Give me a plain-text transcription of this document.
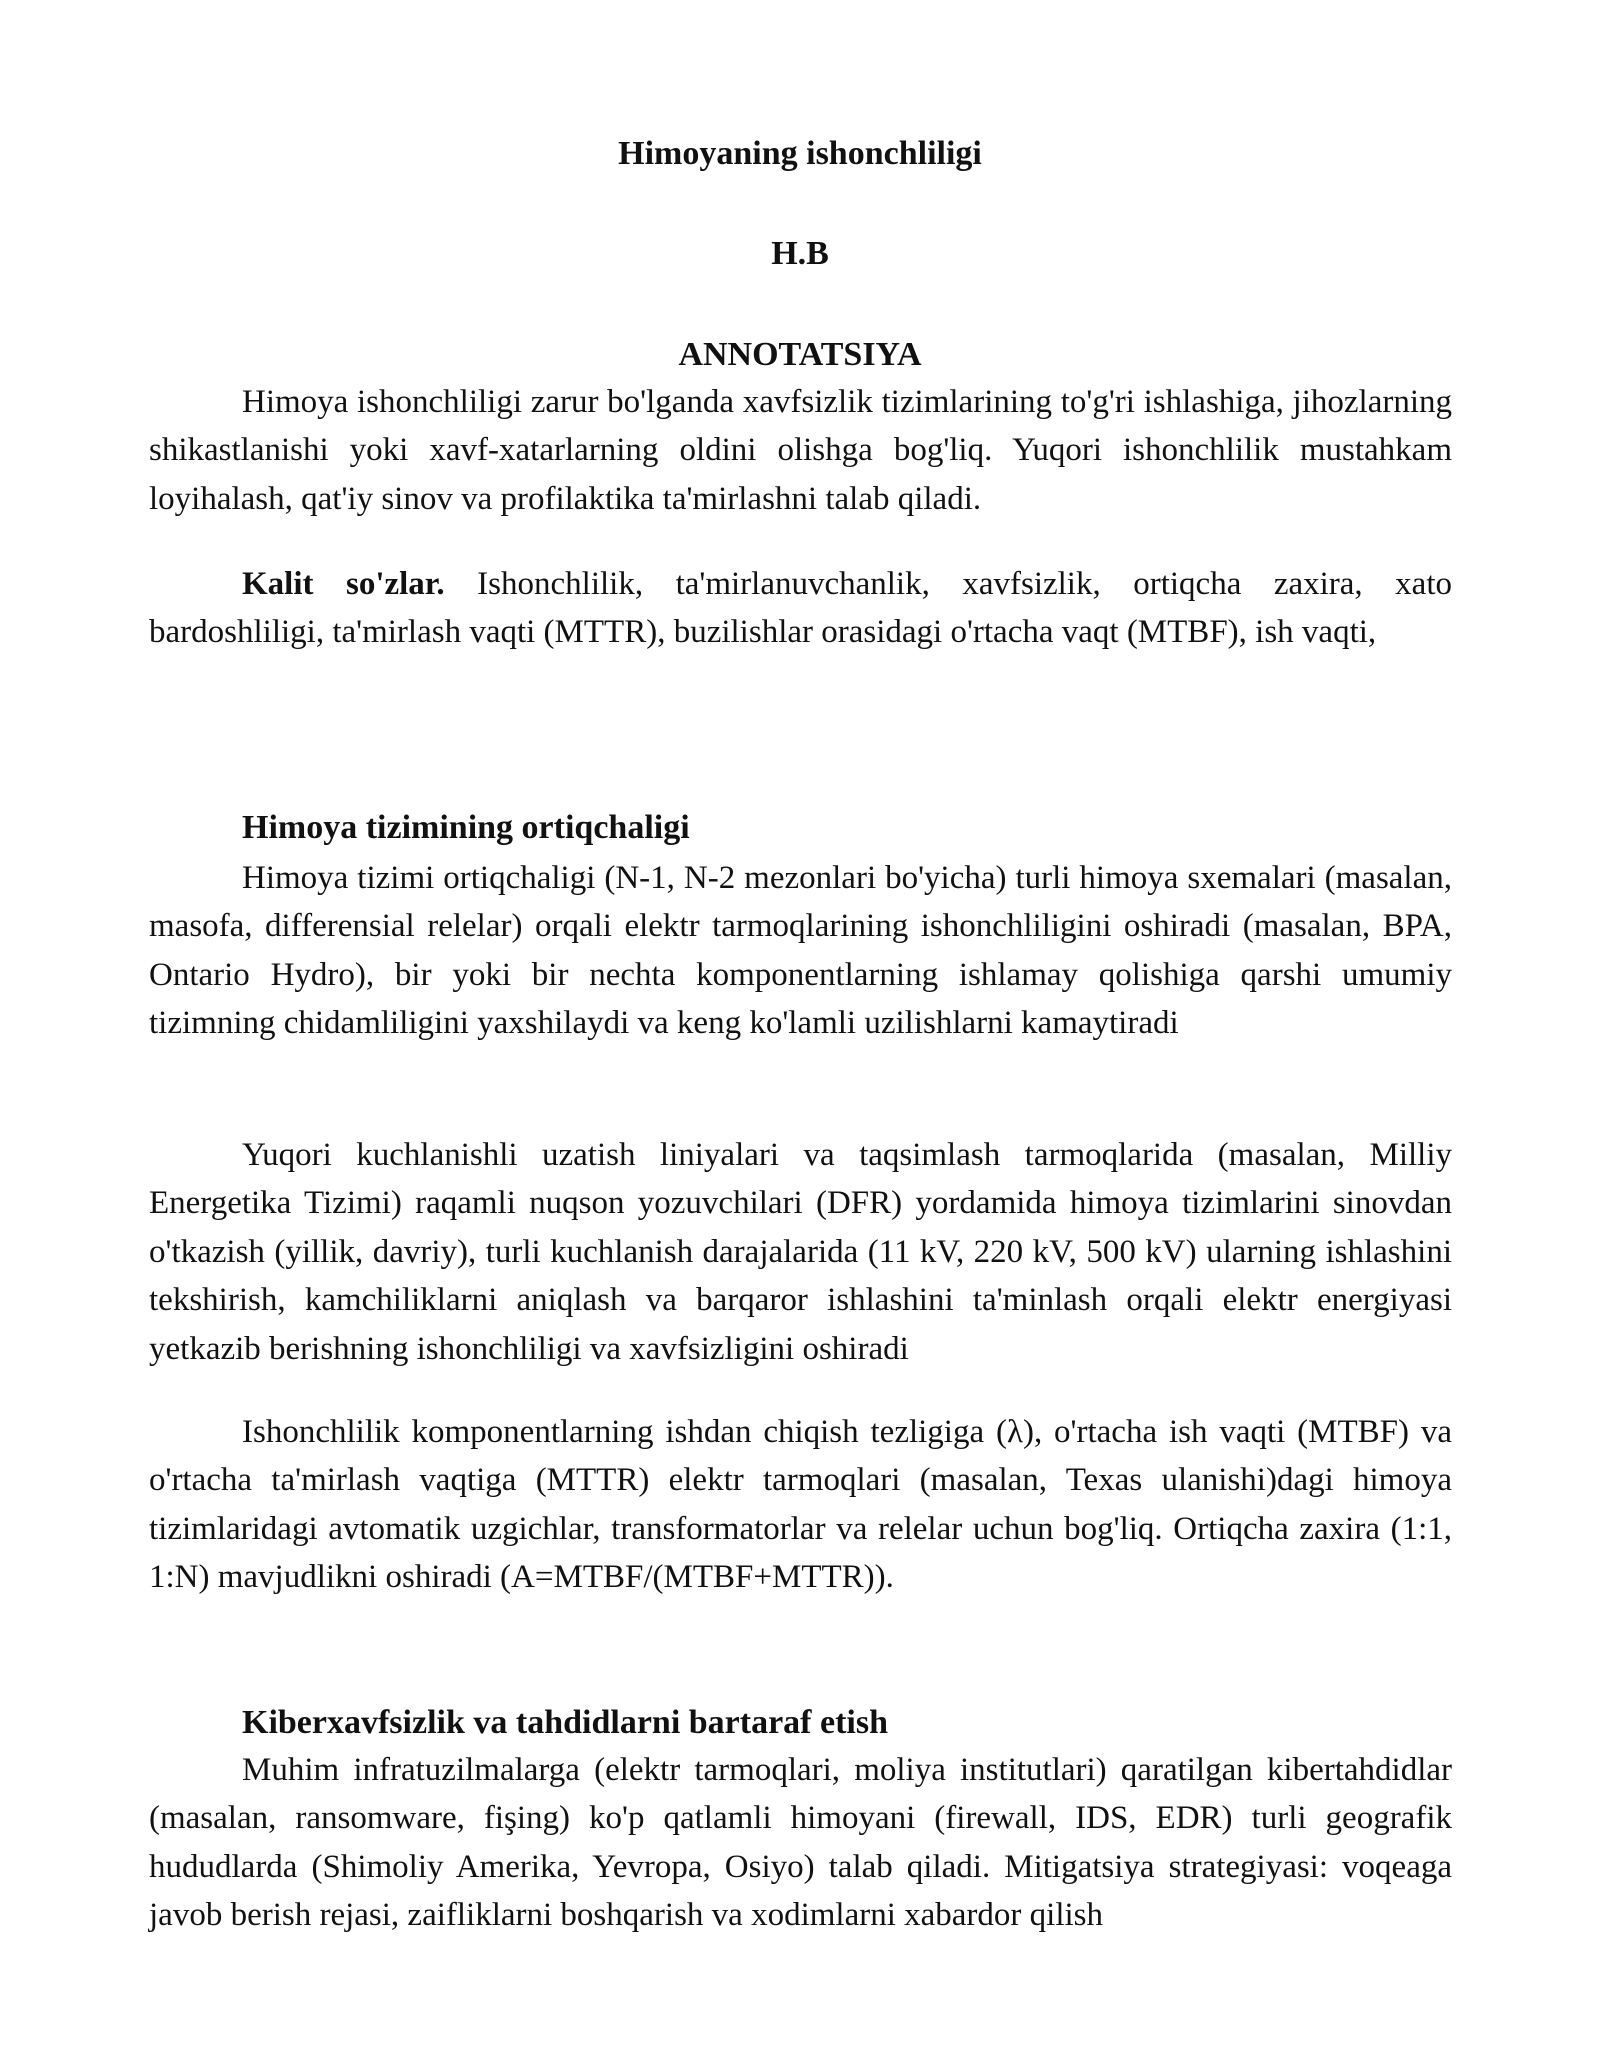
Himoyaning ishonchliligi
H.B
ANNOTATSIYA

Himoya ishonchliligi zarur bo'lganda xavfsizlik tizimlarining to'g'ri ishlashiga, jihozlarning shikastlanishi yoki xavf-xatarlarning oldini olishga bog'liq. Yuqori ishonchlilik mustahkam loyihalash, qat'iy sinov va profilaktika ta'mirlashni talab qiladi.

Kalit so'zlar. Ishonchlilik, ta'mirlanuvchanlik, xavfsizlik, ortiqcha zaxira, xato bardoshliligi, ta'mirlash vaqti (MTTR), buzilishlar orasidagi o'rtacha vaqt (MTBF), ish vaqti,

Himoya tizimining ortiqchaligi

Himoya tizimi ortiqchaligi (N-1, N-2 mezonlari bo'yicha) turli himoya sxemalari (masalan, masofa, differensial relelar) orqali elektr tarmoqlarining ishonchliligini oshiradi (masalan, BPA, Ontario Hydro), bir yoki bir nechta komponentlarning ishlamay qolishiga qarshi umumiy tizimning chidamliligini yaxshilaydi va keng ko'lamli uzilishlarni kamaytiradi

Yuqori kuchlanishli uzatish liniyalari va taqsimlash tarmoqlarida (masalan, Milliy Energetika Tizimi) raqamli nuqson yozuvchilari (DFR) yordamida himoya tizimlarini sinovdan o'tkazish (yillik, davriy), turli kuchlanish darajalarida (11 kV, 220 kV, 500 kV) ularning ishlashini tekshirish, kamchiliklarni aniqlash va barqaror ishlashini ta'minlash orqali elektr energiyasi yetkazib berishning ishonchliligi va xavfsizligini oshiradi

Ishonchlilik komponentlarning ishdan chiqish tezligiga (λ), o'rtacha ish vaqti (MTBF) va o'rtacha ta'mirlash vaqtiga (MTTR) elektr tarmoqlari (masalan, Texas ulanishi)dagi himoya tizimlaridagi avtomatik uzgichlar, transformatorlar va relelar uchun bog'liq. Ortiqcha zaxira (1:1, 1:N) mavjudlikni oshiradi (A=MTBF/(MTBF+MTTR)).

Kiberxavfsizlik va tahdidlarni bartaraf etish

Muhim infratuzilmalarga (elektr tarmoqlari, moliya institutlari) qaratilgan kibertahdidlar (masalan, ransomware, fişing) ko'p qatlamli himoyani (firewall, IDS, EDR) turli geografik hududlarda (Shimoliy Amerika, Yevropa, Osiyo) talab qiladi. Mitigatsiya strategiyasi: voqeaga javob berish rejasi, zaifliklarni boshqarish va xodimlarni xabardor qilish
